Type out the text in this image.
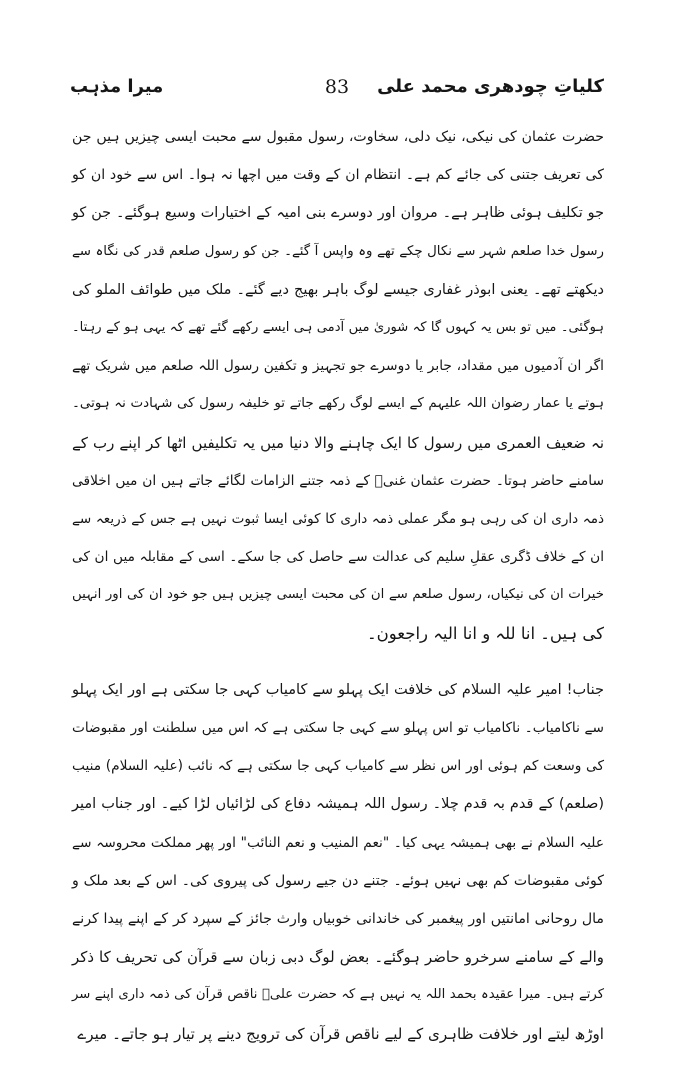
کلیاتِ چودھری محمد علی
83
میرا مذہب

حضرت عثمان کی نیکی، نیک دلی، سخاوت، رسول مقبول سے محبت ایسی چیزیں ہیں جن

کی تعریف جتنی کی جائے کم ہے۔ انتظام ان کے وقت میں اچھا نہ ہوا۔ اس سے خود ان کو

جو تکلیف ہوئی ظاہر ہے۔ مروان اور دوسرے بنی امیہ کے اختیارات وسیع ہوگئے۔ جن کو

رسول خدا صلعم شہر سے نکال چکے تھے وہ واپس آ گئے۔ جن کو رسول صلعم قدر کی نگاہ سے

دیکھتے تھے۔ یعنی ابوذر غفاری جیسے لوگ باہر بھیج دیے گئے۔ ملک میں طوائف الملو کی

ہوگئی۔ میں تو بس یہ کہوں گا کہ شوریٰ میں آدمی ہی ایسے رکھے گئے تھے کہ یہی ہو کے رہتا۔

اگر ان آدمیوں میں مقداد، جابر یا دوسرے جو تجہیز و تکفین رسول اللہ صلعم میں شریک تھے

ہوتے یا عمار رضوان اللہ علیہم کے ایسے لوگ رکھے جاتے تو خلیفہ رسول کی شہادت نہ ہوتی۔

نہ ضعیف العمری میں رسول کا ایک چاہنے والا دنیا میں یہ تکلیفیں اٹھا کر اپنے رب کے

سامنے حاضر ہوتا۔ حضرت عثمان غنیؓ کے ذمہ جتنے الزامات لگائے جاتے ہیں ان میں اخلاقی

ذمہ داری ان کی رہی ہو مگر عملی ذمہ داری کا کوئی ایسا ثبوت نہیں ہے جس کے ذریعہ سے

ان کے خلاف ڈگری عقلِ سلیم کی عدالت سے حاصل کی جا سکے۔ اسی کے مقابلہ میں ان کی

خیرات ان کی نیکیاں، رسول صلعم سے ان کی محبت ایسی چیزیں ہیں جو خود ان کی اور انہیں

کی ہیں۔ انا للہ و انا الیہ راجعون۔

جناب! امیر علیہ السلام کی خلافت ایک پہلو سے کامیاب کہی جا سکتی ہے اور ایک پہلو

سے ناکامیاب۔ ناکامیاب تو اس پہلو سے کہی جا سکتی ہے کہ اس میں سلطنت اور مقبوضات

کی وسعت کم ہوئی اور اس نظر سے کامیاب کہی جا سکتی ہے کہ نائب (علیہ السلام) منیب

(صلعم) کے قدم بہ قدم چلا۔ رسول اللہ ہمیشہ دفاع کی لڑائیاں لڑا کیے۔ اور جناب امیر

علیہ السلام نے بھی ہمیشہ یہی کیا۔ "نعم المنیب و نعم النائب" اور پھر مملکت محروسہ سے

کوئی مقبوضات کم بھی نہیں ہوئے۔ جتنے دن جیے رسول کی پیروی کی۔ اس کے بعد ملک و

مال روحانی امانتیں اور پیغمبر کی خاندانی خوبیاں وارث جائز کے سپرد کر کے اپنے پیدا کرنے

والے کے سامنے سرخرو حاضر ہوگئے۔ بعض لوگ دبی زبان سے قرآن کی تحریف کا ذکر

کرتے ہیں۔ میرا عقیدہ بحمد اللہ یہ نہیں ہے کہ حضرت علیؓ ناقص قرآن کی ذمہ داری اپنے سر

اوڑھ لیتے اور خلافت ظاہری کے لیے ناقص قرآن کی ترویج دینے پر تیار ہو جاتے۔ میرے
